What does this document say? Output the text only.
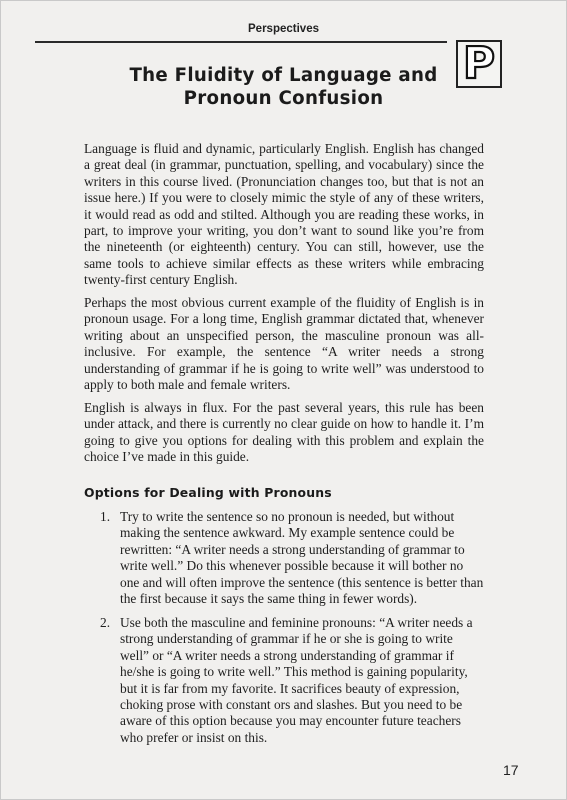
Perspectives
P
The Fluidity of Language and
Pronoun Confusion

Language is fluid and dynamic, particularly English. English has changed a great deal (in grammar, punctuation, spelling, and vocabulary) since the writers in this course lived. (Pronunciation changes too, but that is not an issue here.) If you were to closely mimic the style of any of these writers, it would read as odd and stilted. Although you are reading these works, in part, to improve your writing, you don’t want to sound like you’re from the nineteenth (or eighteenth) century. You can still, however, use the same tools to achieve similar effects as these writers while embracing twenty-first century English.

Perhaps the most obvious current example of the fluidity of English is in pronoun usage. For a long time, English grammar dictated that, whenever writing about an unspecified person, the masculine pronoun was all-inclusive. For example, the sentence “A writer needs a strong understanding of grammar if he is going to write well” was understood to apply to both male and female writers.

English is always in flux. For the past several years, this rule has been under attack, and there is currently no clear guide on how to handle it. I’m going to give you options for dealing with this problem and explain the choice I’ve made in this guide.

Options for Dealing with Pronouns
1. Try to write the sentence so no pronoun is needed, but without making the sentence awkward. My example sentence could be rewritten: “A writer needs a strong understanding of grammar to write well.” Do this whenever possible because it will bother no one and will often improve the sentence (this sentence is better than the first because it says the same thing in fewer words).
2. Use both the masculine and feminine pronouns: “A writer needs a strong understanding of grammar if he or she is going to write well” or “A writer needs a strong understanding of grammar if he/she is going to write well.” This method is gaining popularity, but it is far from my favorite. It sacrifices beauty of expression, choking prose with constant ors and slashes. But you need to be aware of this option because you may encounter future teachers who prefer or insist on this.
17
